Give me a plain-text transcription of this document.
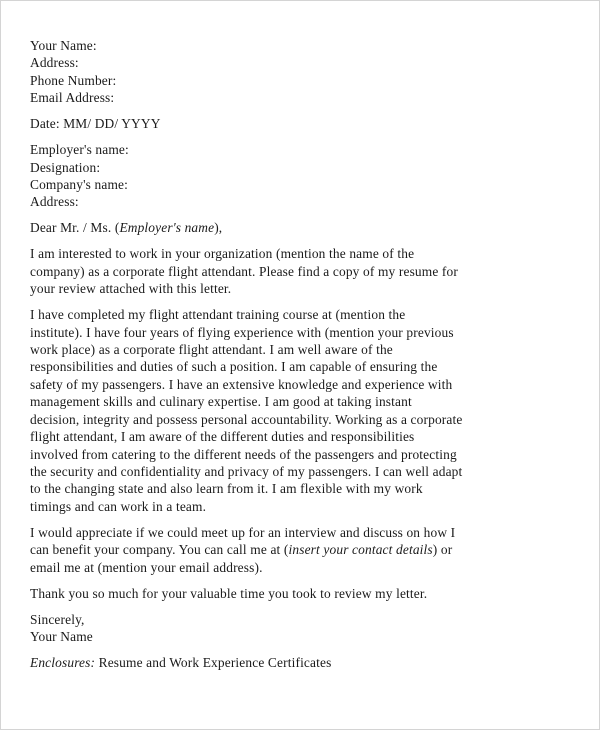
Your Name:
Address:
Phone Number:
Email Address:
Date: MM/ DD/ YYYY
Employer's name:
Designation:
Company's name:
Address:
Dear Mr. / Ms. (Employer's name),
I am interested to work in your organization (mention the name of the
company) as a corporate flight attendant. Please find a copy of my resume for
your review attached with this letter.
I have completed my flight attendant training course at (mention the
institute). I have four years of flying experience with (mention your previous
work place) as a corporate flight attendant. I am well aware of the
responsibilities and duties of such a position. I am capable of ensuring the
safety of my passengers. I have an extensive knowledge and experience with
management skills and culinary expertise. I am good at taking instant
decision, integrity and possess personal accountability. Working as a corporate
flight attendant, I am aware of the different duties and responsibilities
involved from catering to the different needs of the passengers and protecting
the security and confidentiality and privacy of my passengers. I can well adapt
to the changing state and also learn from it. I am flexible with my work
timings and can work in a team.
I would appreciate if we could meet up for an interview and discuss on how I
can benefit your company. You can call me at (insert your contact details) or
email me at (mention your email address).
Thank you so much for your valuable time you took to review my letter.
Sincerely,
Your Name
Enclosures: Resume and Work Experience Certificates
